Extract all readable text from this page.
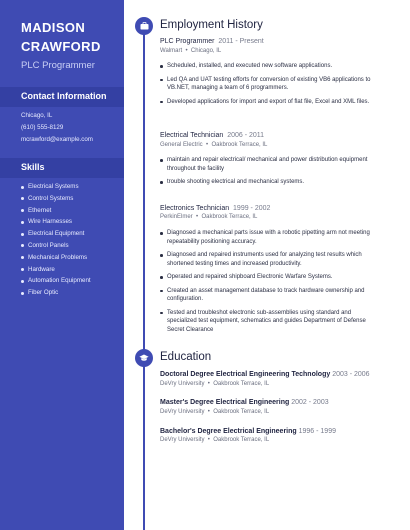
MADISON CRAWFORD
PLC Programmer
Contact Information
Chicago, IL
(610) 555-8129
mcrawford@example.com
Skills
Electrical Systems
Control Systems
Ethernet
Wire Harnesses
Electrical Equipment
Control Panels
Mechanical Problems
Hardware
Automation Equipment
Fiber Optic
Employment History
PLC Programmer 2011 - Present
Walmart  •  Chicago, IL
Scheduled, installed, and executed new software applications.
Led QA and UAT testing efforts for conversion of existing VB6 applications to VB.NET, managing a team of 6 programmers.
Developed applications for import and export of flat file, Excel and XML files.
Electrical Technician 2006 - 2011
General Electric  •  Oakbrook Terrace, IL
maintain and repair electrical/ mechanical and power distribution equipment throughout the facility
trouble shooting electrical and mechanical systems.
Electronics Technician 1999 - 2002
PerkinElmer  •  Oakbrook Terrace, IL
Diagnosed a mechanical parts issue with a robotic pipetting arm not meeting repeatability positioning accuracy.
Diagnosed and repaired instruments used for analyzing test results which shortened testing times and increased productivity.
Operated and repaired shipboard Electronic Warfare Systems.
Created an asset management database to track hardware ownership and configuration.
Tested and troubleshot electronic sub-assemblies using standard and specialized test equipment, schematics and guides Department of Defense Secret Clearance
Education
Doctoral Degree Electrical Engineering Technology 2003 - 2006
DeVry University  •  Oakbrook Terrace, IL
Master's Degree Electrical Engineering 2002 - 2003
DeVry University  •  Oakbrook Terrace, IL
Bachelor's Degree Electrical Engineering 1996 - 1999
DeVry University  •  Oakbrook Terrace, IL
